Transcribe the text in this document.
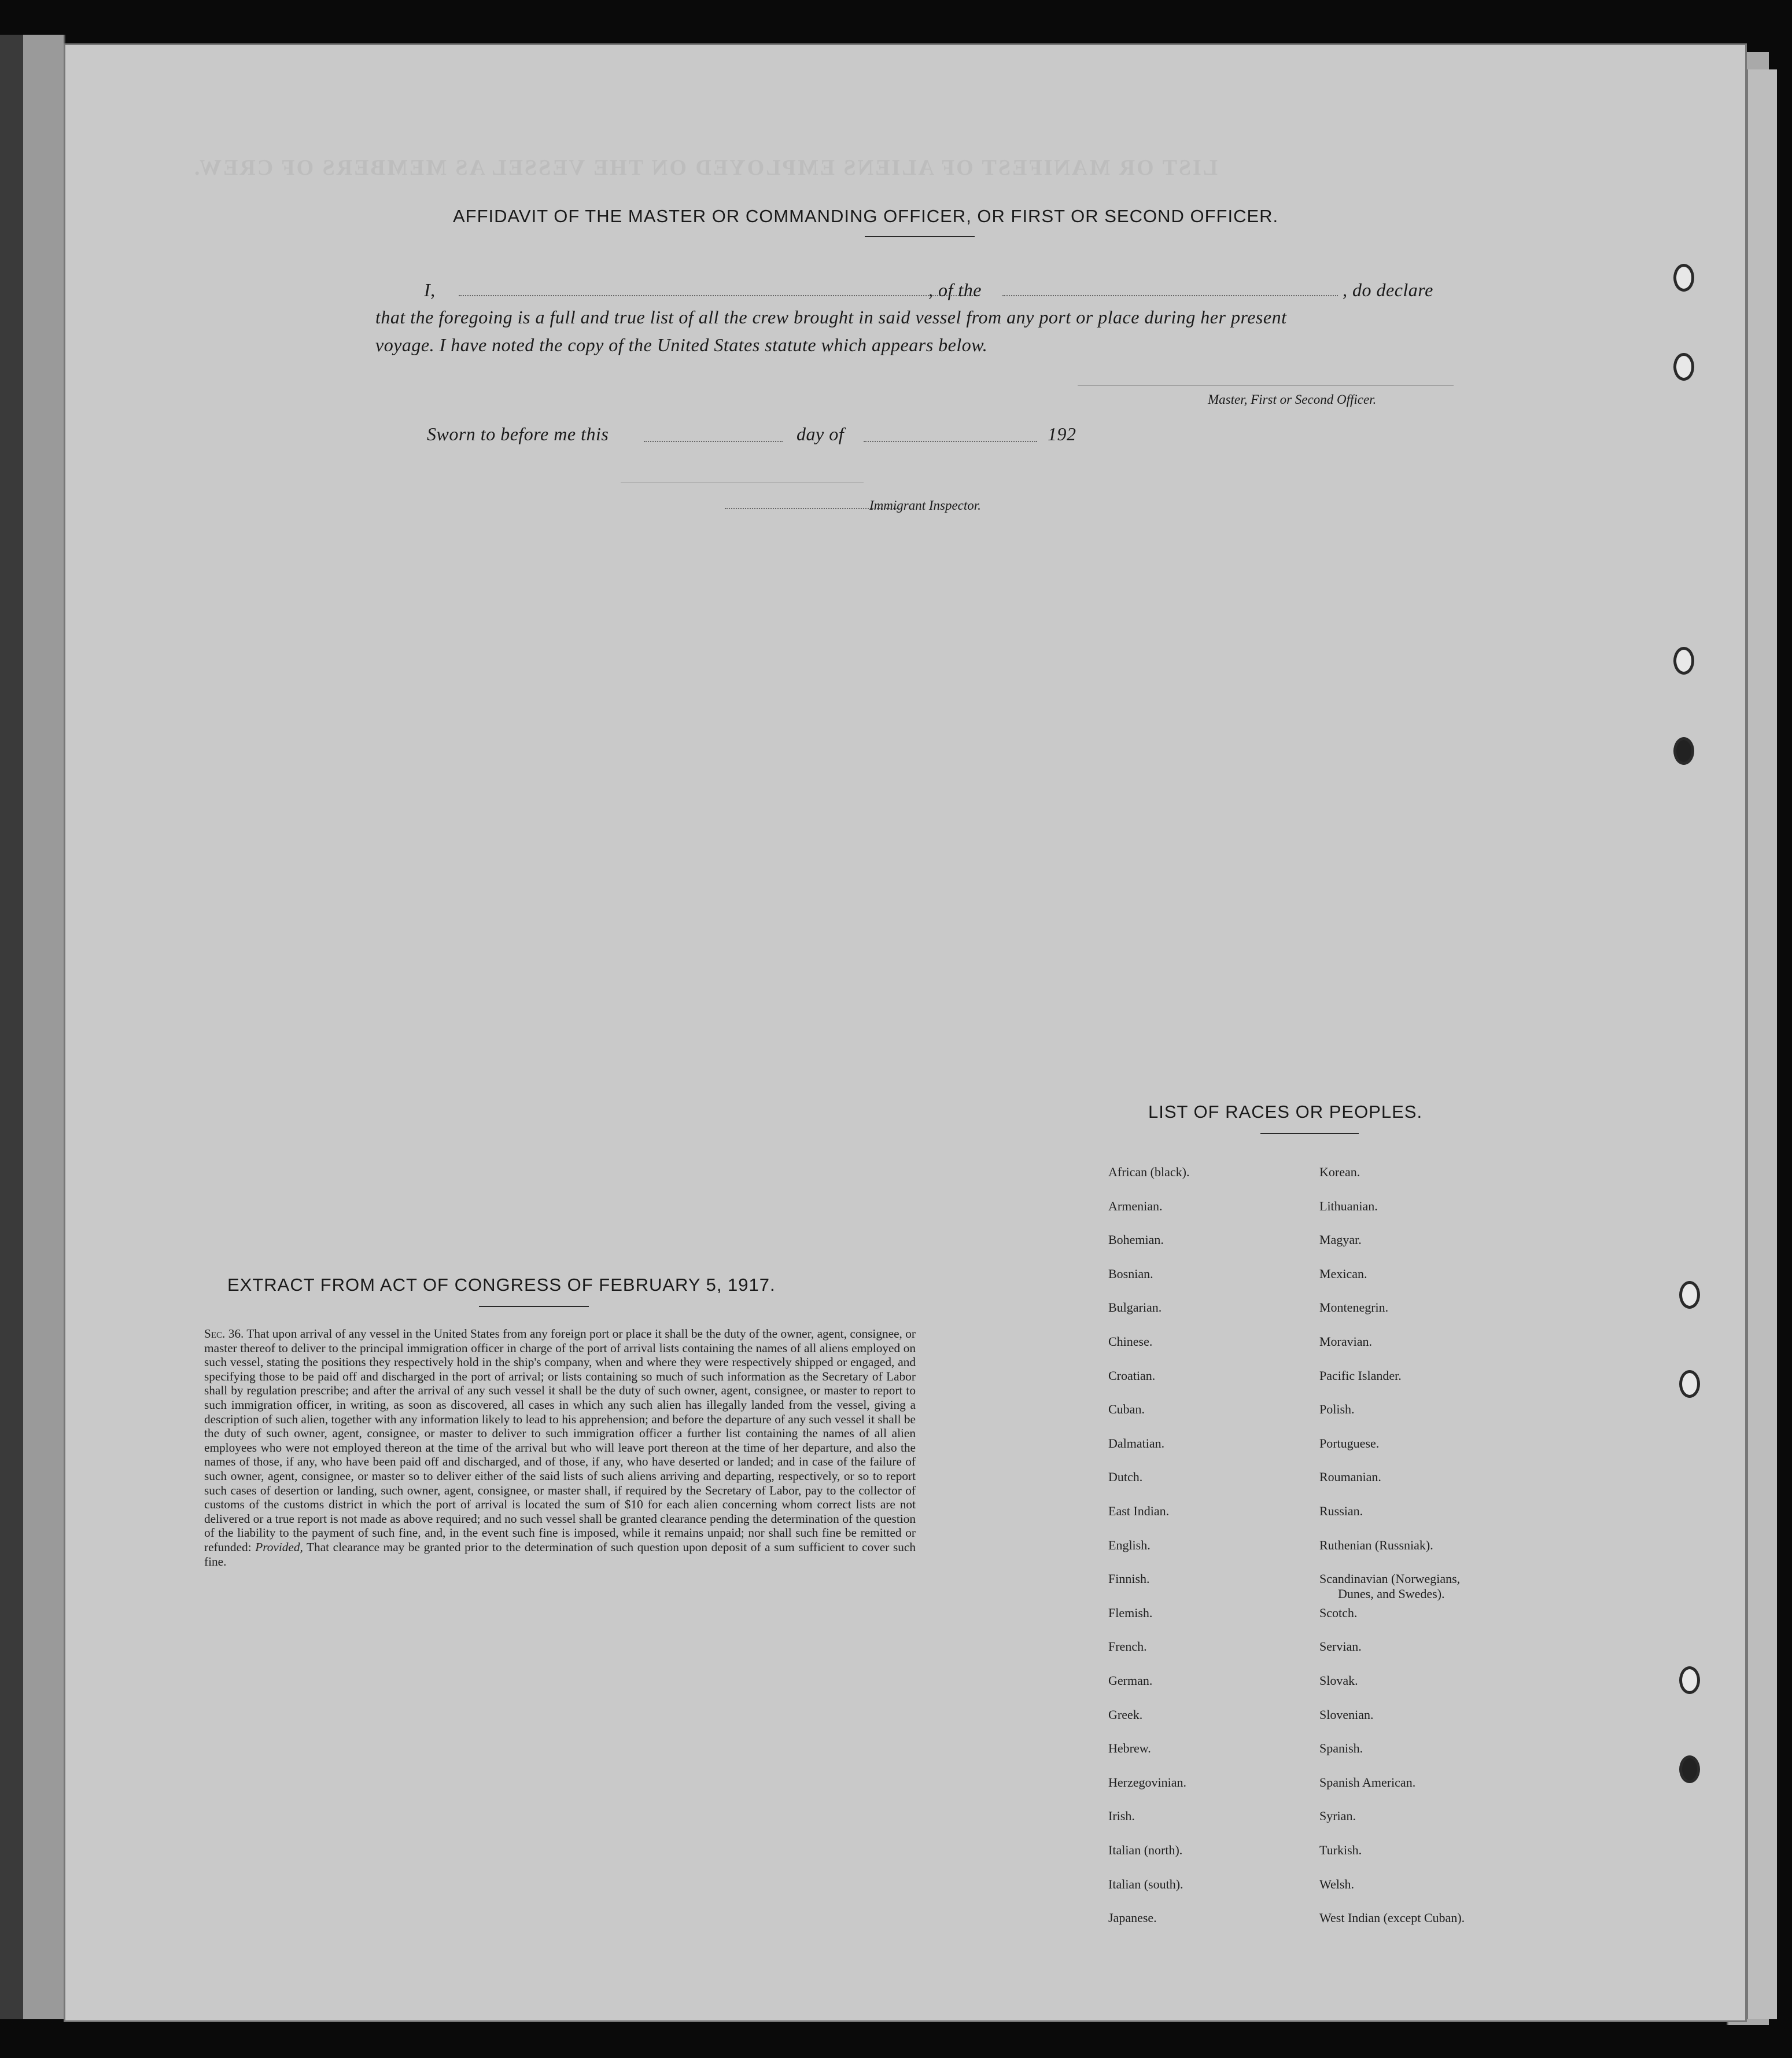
LIST OR MANIFEST OF ALIENS EMPLOYED ON THE VESSEL AS MEMBERS OF CREW.
AFFIDAVIT OF THE MASTER OR COMMANDING OFFICER, OR FIRST OR SECOND OFFICER.
I,	, of the	, do declare
that the foregoing is a full and true list of all the crew brought in said vessel from any port or place during her present
voyage. I have noted the copy of the United States statute which appears below.
Master, First or Second Officer.
Sworn to before me this	day of	192
Immigrant Inspector.
EXTRACT FROM ACT OF CONGRESS OF FEBRUARY 5, 1917.
Sec. 36. That upon arrival of any vessel in the United States from any foreign port or place it shall be the duty of the owner, agent, consignee, or master thereof to deliver to the principal immigration officer in charge of the port of arrival lists containing the names of all aliens employed on such vessel, stating the positions they respectively hold in the ship's company, when and where they were respectively shipped or engaged, and specifying those to be paid off and discharged in the port of arrival; or lists containing so much of such information as the Secretary of Labor shall by regulation prescribe; and after the arrival of any such vessel it shall be the duty of such owner, agent, consignee, or master to report to such immigration officer, in writing, as soon as discovered, all cases in which any such alien has illegally landed from the vessel, giving a description of such alien, together with any information likely to lead to his apprehension; and before the departure of any such vessel it shall be the duty of such owner, agent, consignee, or master to deliver to such immigration officer a further list containing the names of all alien employees who were not employed thereon at the time of the arrival but who will leave port thereon at the time of her departure, and also the names of those, if any, who have been paid off and discharged, and of those, if any, who have deserted or landed; and in case of the failure of such owner, agent, consignee, or master so to deliver either of the said lists of such aliens arriving and departing, respectively, or so to report such cases of desertion or landing, such owner, agent, consignee, or master shall, if required by the Secretary of Labor, pay to the collector of customs of the customs district in which the port of arrival is located the sum of $10 for each alien concerning whom correct lists are not delivered or a true report is not made as above required; and no such vessel shall be granted clearance pending the determination of the question of the liability to the payment of such fine, and, in the event such fine is imposed, while it remains unpaid; nor shall such fine be remitted or refunded: Provided, That clearance may be granted prior to the determination of such question upon deposit of a sum sufficient to cover such fine.
LIST OF RACES OR PEOPLES.
African (black).
Armenian.
Bohemian.
Bosnian.
Bulgarian.
Chinese.
Croatian.
Cuban.
Dalmatian.
Dutch.
East Indian.
English.
Finnish.
Flemish.
French.
German.
Greek.
Hebrew.
Herzegovinian.
Irish.
Italian (north).
Italian (south).
Japanese.
Korean.
Lithuanian.
Magyar.
Mexican.
Montenegrin.
Moravian.
Pacific Islander.
Polish.
Portuguese.
Roumanian.
Russian.
Ruthenian (Russniak).
Scandinavian (Norwegians,
Dunes, and Swedes).
Scotch.
Servian.
Slovak.
Slovenian.
Spanish.
Spanish American.
Syrian.
Turkish.
Welsh.
West Indian (except Cuban).
